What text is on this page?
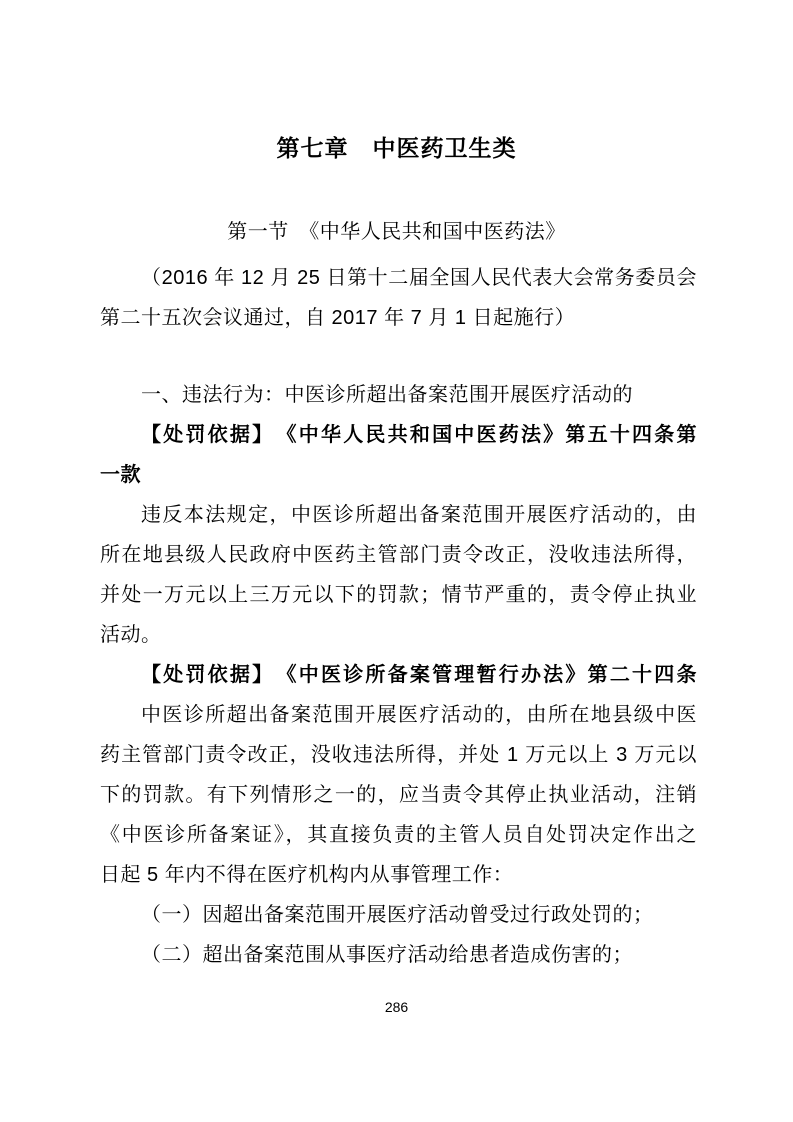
第七章　中医药卫生类
第一节　《中华人民共和国中医药法》
（2016 年 12 月 25 日第十二届全国人民代表大会常务委员会
第二十五次会议通过，自 2017 年 7 月 1 日起施行）
一、违法行为：中医诊所超出备案范围开展医疗活动的
【处罚依据】　《中华人民共和国中医药法》第五十四条第
一款
违反本法规定，中医诊所超出备案范围开展医疗活动的，由
所在地县级人民政府中医药主管部门责令改正，没收违法所得，
并处一万元以上三万元以下的罚款；情节严重的，责令停止执业
活动。
【处罚依据】　《中医诊所备案管理暂行办法》第二十四条
中医诊所超出备案范围开展医疗活动的，由所在地县级中医
药主管部门责令改正，没收违法所得，并处 1 万元以上 3 万元以
下的罚款。有下列情形之一的，应当责令其停止执业活动，注销
《中医诊所备案证》，其直接负责的主管人员自处罚决定作出之
日起 5 年内不得在医疗机构内从事管理工作：
（一）因超出备案范围开展医疗活动曾受过行政处罚的；
（二）超出备案范围从事医疗活动给患者造成伤害的；
286
